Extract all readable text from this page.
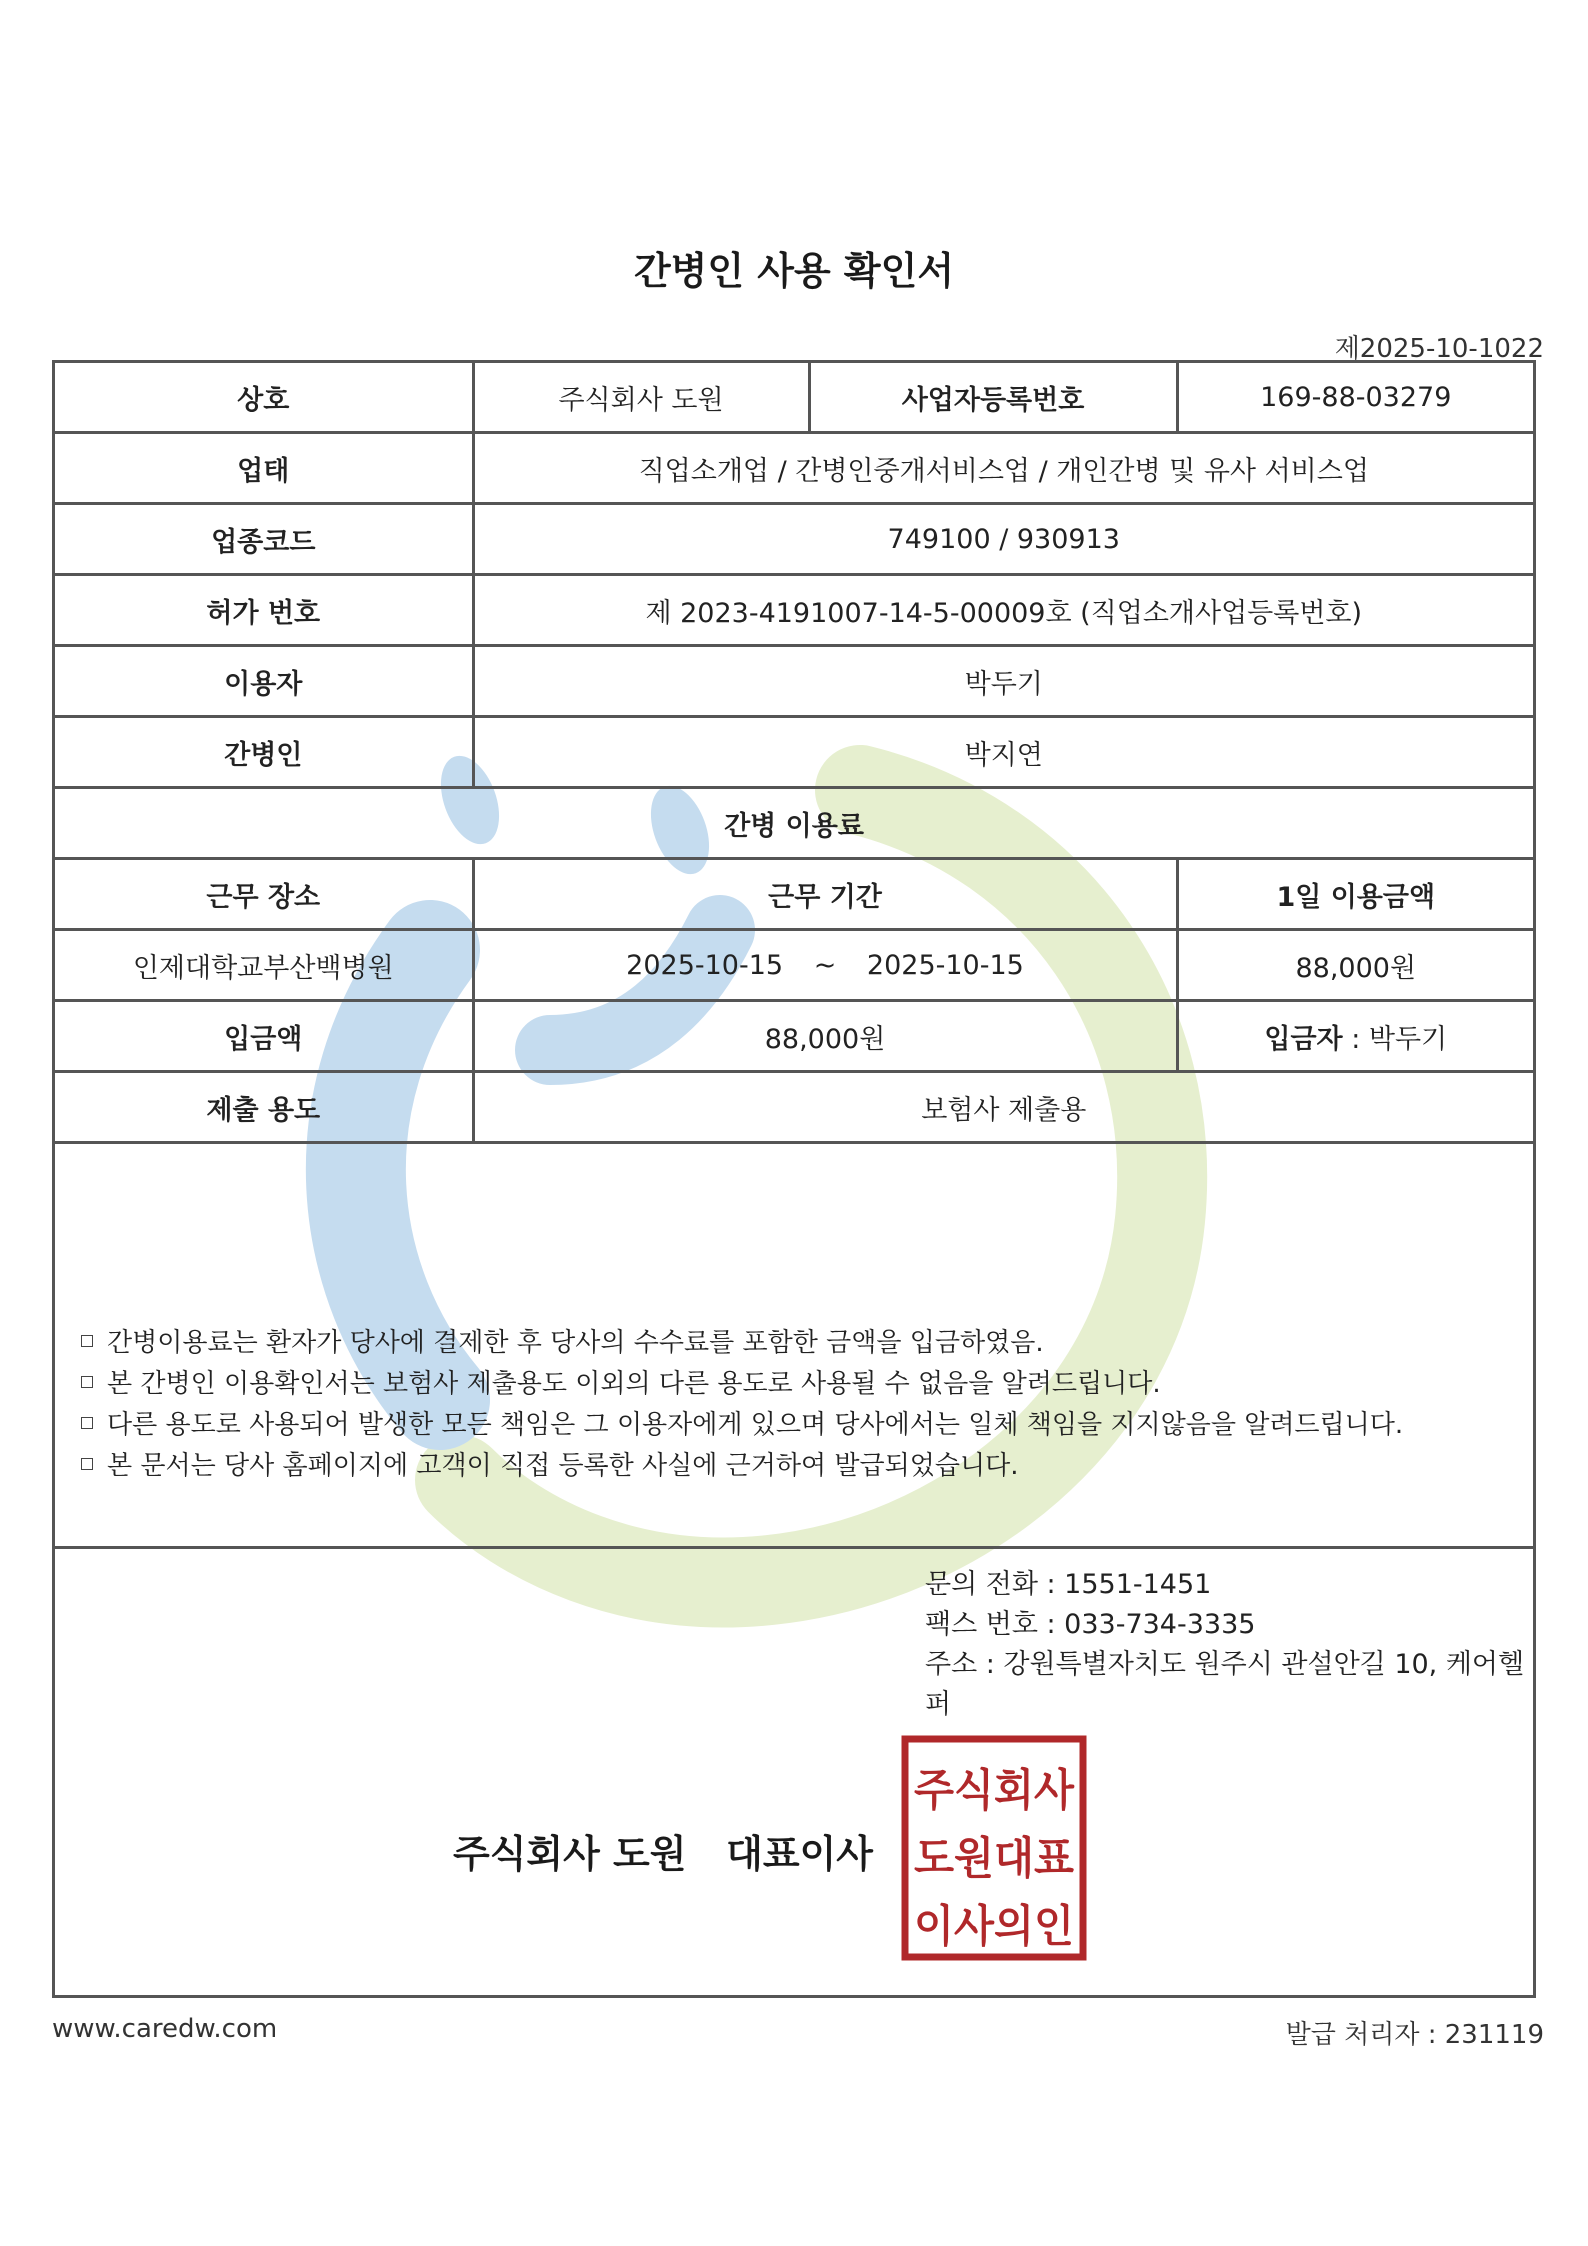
간병인 사용 확인서
제2025-10-1022
상호	주식회사 도원	사업자등록번호	169-88-03279
업태	직업소개업 / 간병인중개서비스업 / 개인간병 및 유사 서비스업		
업종코드	749100 / 930913		
허가 번호	제 2023-4191007-14-5-00009호 (직업소개사업등록번호)		
이용자	박두기		
간병인	박지연		
간병 이용료			
근무 장소	근무 기간		1일 이용금액
인제대학교부산백병원	2025-10-15 ~ 2025-10-15		88,000원
입금액	88,000원		입금자 : 박두기
제출 용도	보험사 제출용		
간병이용료는 환자가 당사에 결제한 후 당사의 수수료를 포함한 금액을 입금하였음.
본 간병인 이용확인서는 보험사 제출용도 이외의 다른 용도로 사용될 수 없음을 알려드립니다.
다른 용도로 사용되어 발생한 모든 책임은 그 이용자에게 있으며 당사에서는 일체 책임을 지지않음을 알려드립니다.
본 문서는 당사 홈페이지에 고객이 직접 등록한 사실에 근거하여 발급되었습니다.
문의 전화 : 1551-1451
팩스 번호 : 033-734-3335
주소 : 강원특별자치도 원주시 관설안길 10, 케어헬퍼
주식회사 도원   대표이사
주식회사
도원대표
이사의인
www.caredw.com	발급 처리자 : 231119
